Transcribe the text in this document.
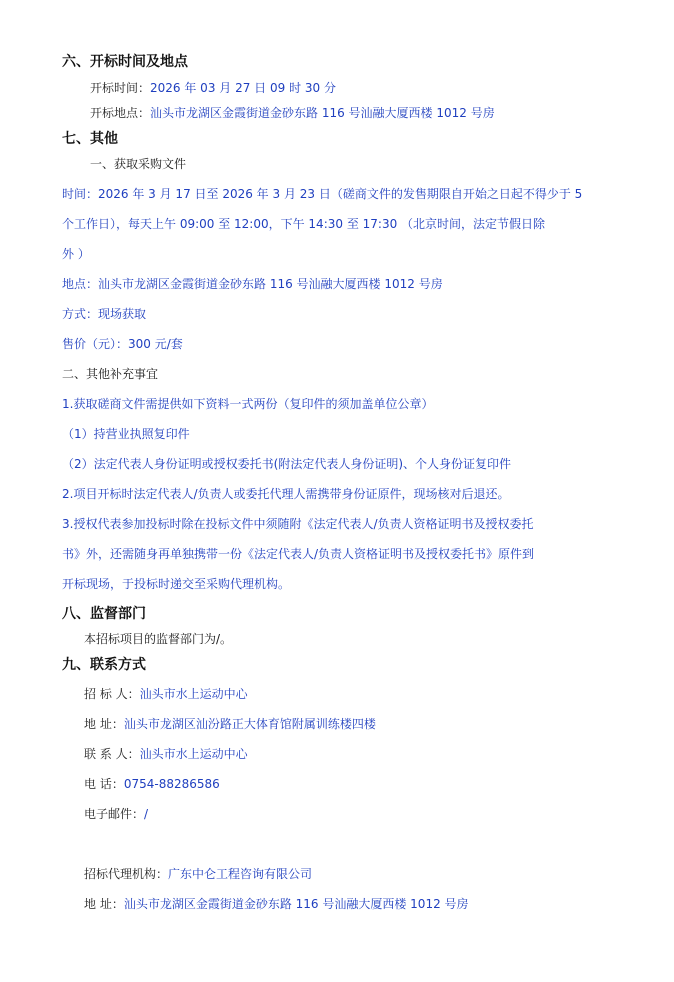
六、开标时间及地点
开标时间：2026 年 03 月 27 日 09 时 30 分
开标地点：汕头市龙湖区金霞街道金砂东路 116 号汕融大厦西楼 1012 号房
七、其他
一、获取采购文件
时间：2026 年 3 月 17 日至 2026 年 3 月 23 日（磋商文件的发售期限自开始之日起不得少于 5
个工作日），每天上午 09:00 至 12:00，下午 14:30 至 17:30 （北京时间，法定节假日除
外 ）
地点：汕头市龙湖区金霞街道金砂东路 116 号汕融大厦西楼 1012 号房
方式：现场获取
售价（元）：300 元/套
二、其他补充事宜
1.获取磋商文件需提供如下资料一式两份（复印件的须加盖单位公章）
（1）持营业执照复印件
（2）法定代表人身份证明或授权委托书(附法定代表人身份证明)、个人身份证复印件
2.项目开标时法定代表人/负责人或委托代理人需携带身份证原件，现场核对后退还。
3.授权代表参加投标时除在投标文件中须随附《法定代表人/负责人资格证明书及授权委托
书》外，还需随身再单独携带一份《法定代表人/负责人资格证明书及授权委托书》原件到
开标现场，于投标时递交至采购代理机构。
八、监督部门
本招标项目的监督部门为/。
九、联系方式
招 标 人：汕头市水上运动中心
地 址：汕头市龙湖区汕汾路正大体育馆附属训练楼四楼
联 系 人：汕头市水上运动中心
电 话：0754-88286586
电子邮件：/
招标代理机构：广东中仑工程咨询有限公司
地 址：汕头市龙湖区金霞街道金砂东路 116 号汕融大厦西楼 1012 号房
